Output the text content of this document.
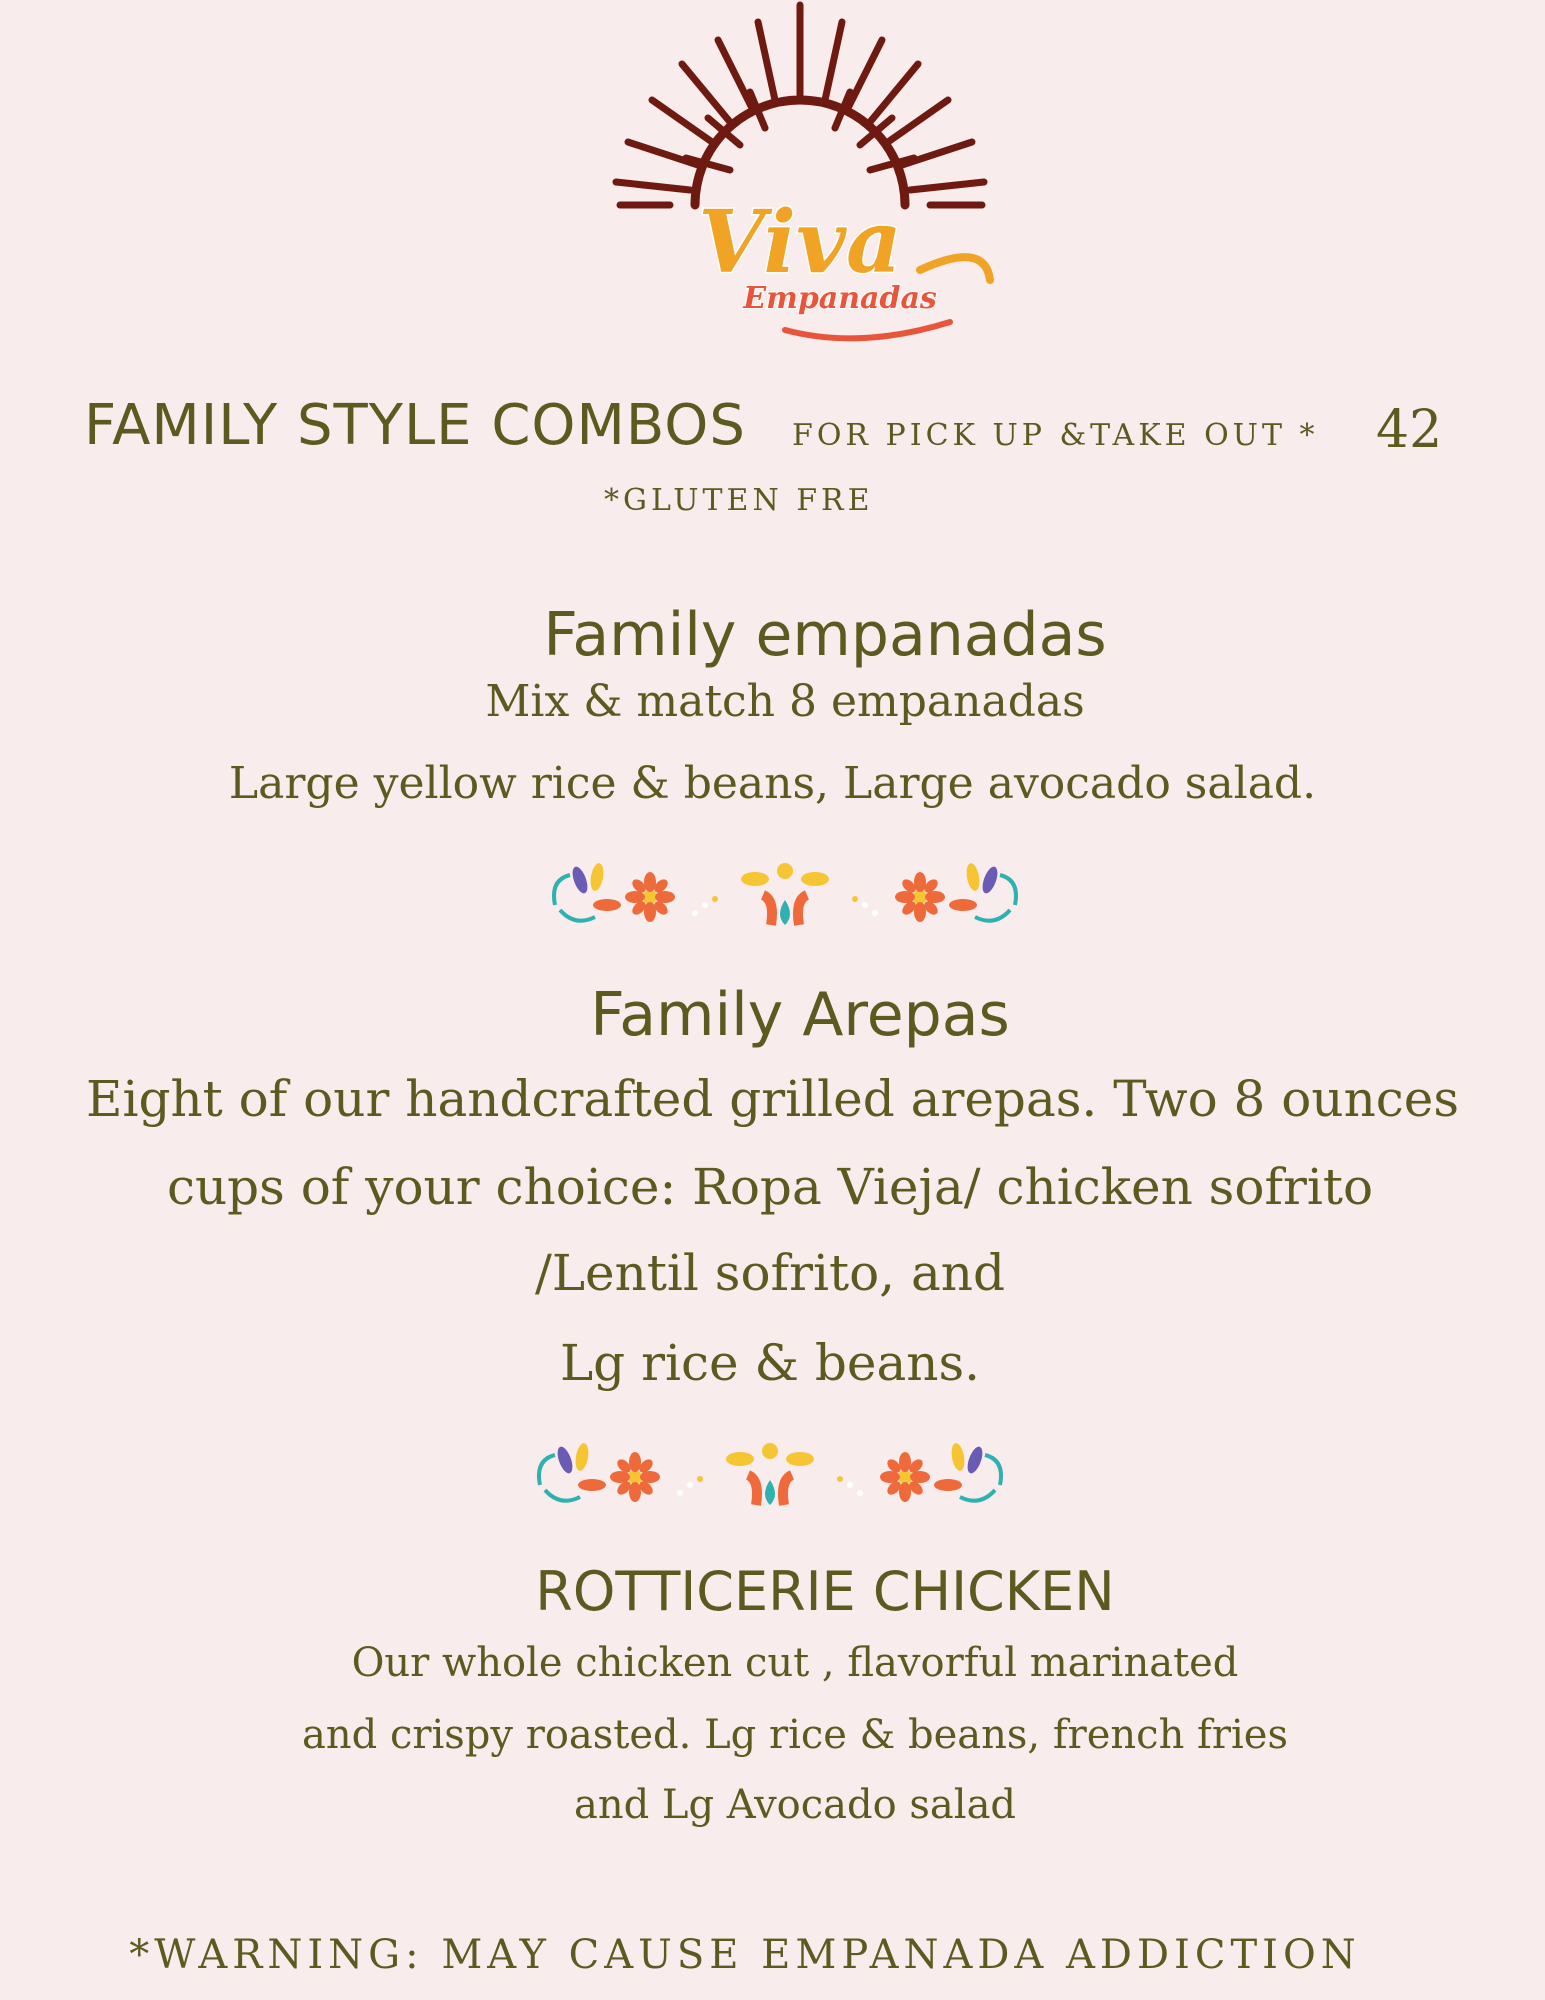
Viva
Empanadas
FAMILY STYLE COMBOS FOR PICK UP &TAKE OUT * 42
*GLUTEN FRE
Family empanadas
Mix & match 8 empanadas
Large yellow rice & beans, Large avocado salad.
Family Arepas
Eight of our handcrafted grilled arepas. Two 8 ounces
cups of your choice: Ropa Vieja/ chicken sofrito
/Lentil sofrito, and
Lg rice & beans.
ROTTICERIE CHICKEN
Our whole chicken cut , flavorful marinated
and crispy roasted. Lg rice & beans, french fries
and Lg Avocado salad
*WARNING: MAY CAUSE EMPANADA ADDICTION
